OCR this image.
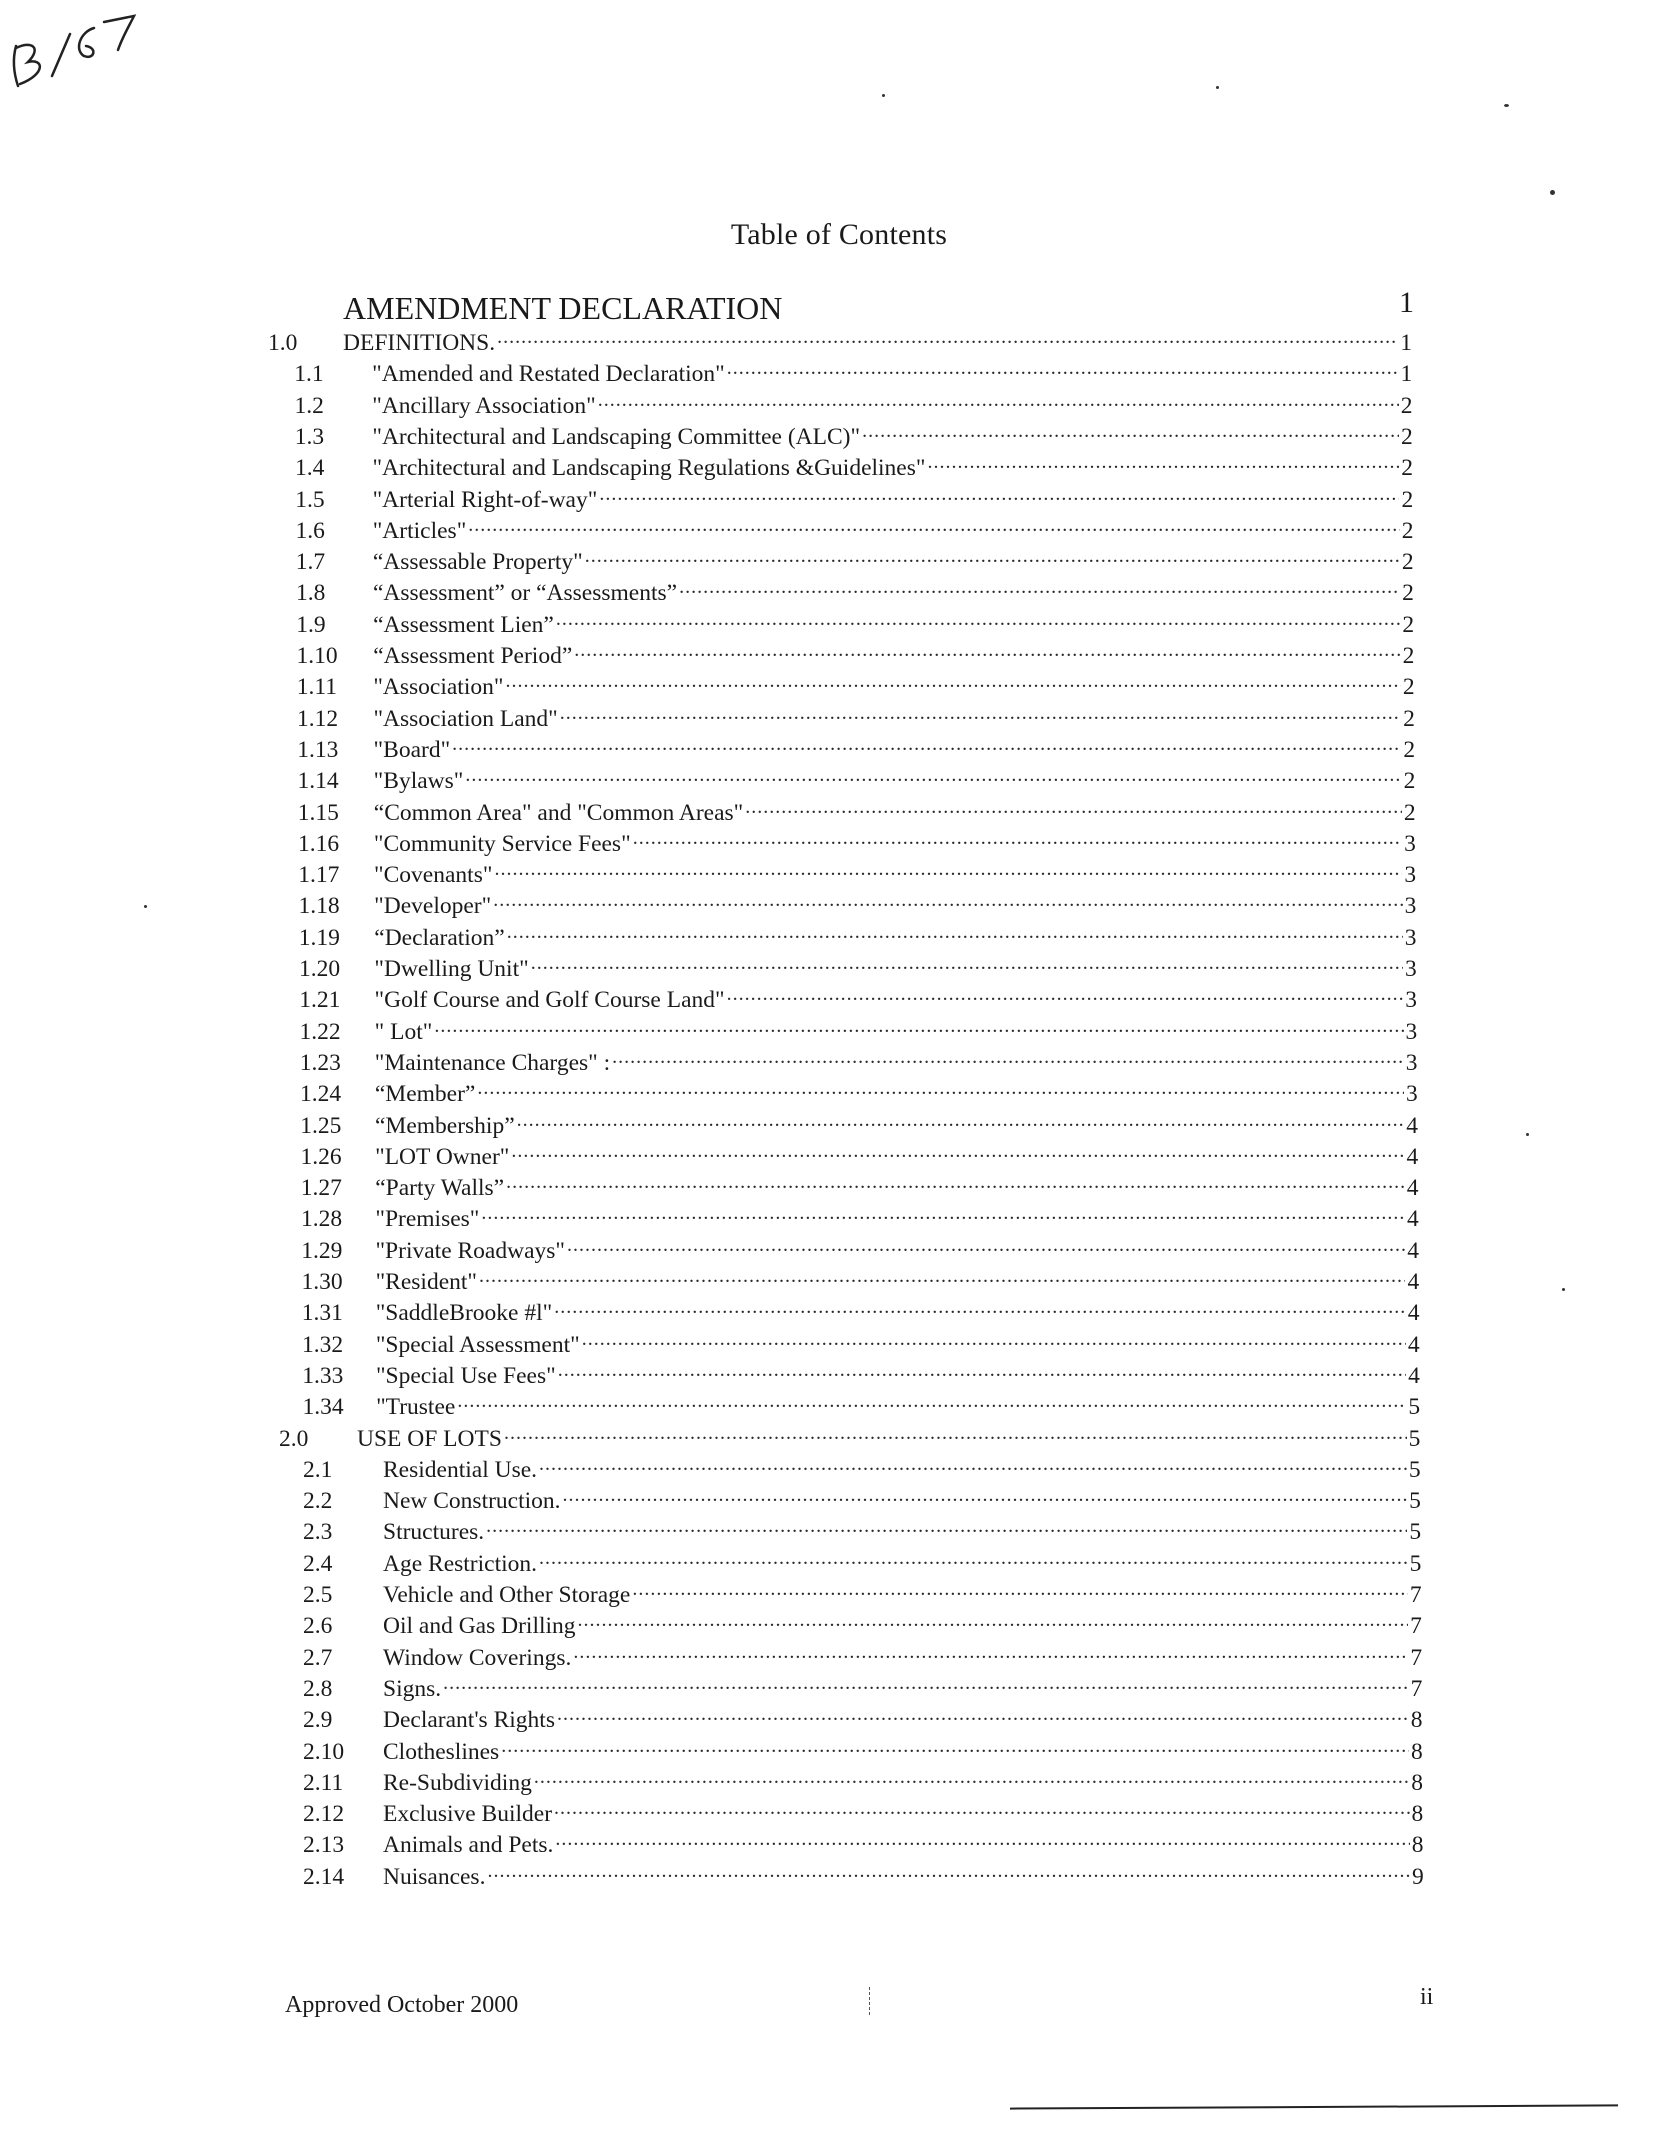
Table of Contents
AMENDMENT DECLARATION	1
1.0	DEFINITIONS. .....	1
1.1	"Amended and Restated Declaration" .....	1
1.2	"Ancillary Association" .....	2
1.3	"Architectural and Landscaping Committee (ALC)" .....	2
1.4	"Architectural and Landscaping Regulations &Guidelines" .....	2
1.5	"Arterial Right-of-way" .....	2
1.6	"Articles" .....	2
1.7	“Assessable Property" .....	2
1.8	“Assessment” or “Assessments” .....	2
1.9	“Assessment Lien” .....	2
1.10	“Assessment Period” .....	2
1.11	"Association" .....	2
1.12	"Association Land" .....	2
1.13	"Board" .....	2
1.14	"Bylaws" .....	2
1.15	“Common Area" and "Common Areas" .....	2
1.16	"Community Service Fees" .....	3
1.17	"Covenants" .....	3
1.18	"Developer" .....	3
1.19	“Declaration” .....	3
1.20	"Dwelling Unit" .....	3
1.21	"Golf Course and Golf Course Land" .....	3
1.22	" Lot" .....	3
1.23	"Maintenance Charges" : .....	3
1.24	“Member” .....	3
1.25	“Membership” .....	4
1.26	"LOT Owner" .....	4
1.27	“Party Walls” .....	4
1.28	"Premises" .....	4
1.29	"Private Roadways" .....	4
1.30	"Resident" .....	4
1.31	"SaddleBrooke #l" .....	4
1.32	"Special Assessment" .....	4
1.33	"Special Use Fees" .....	4
1.34	"Trustee .....	5
2.0	USE OF LOTS .....	5
2.1	Residential Use. .....	5
2.2	New Construction. .....	5
2.3	Structures. .....	5
2.4	Age Restriction. .....	5
2.5	Vehicle and Other Storage .....	7
2.6	Oil and Gas Drilling .....	7
2.7	Window Coverings. .....	7
2.8	Signs. .....	7
2.9	Declarant's Rights .....	8
2.10	Clotheslines .....	8
2.11	Re-Subdividing .....	8
2.12	Exclusive Builder .....	8
2.13	Animals and Pets. .....	8
2.14	Nuisances. .....	9
Approved October 2000	ii
